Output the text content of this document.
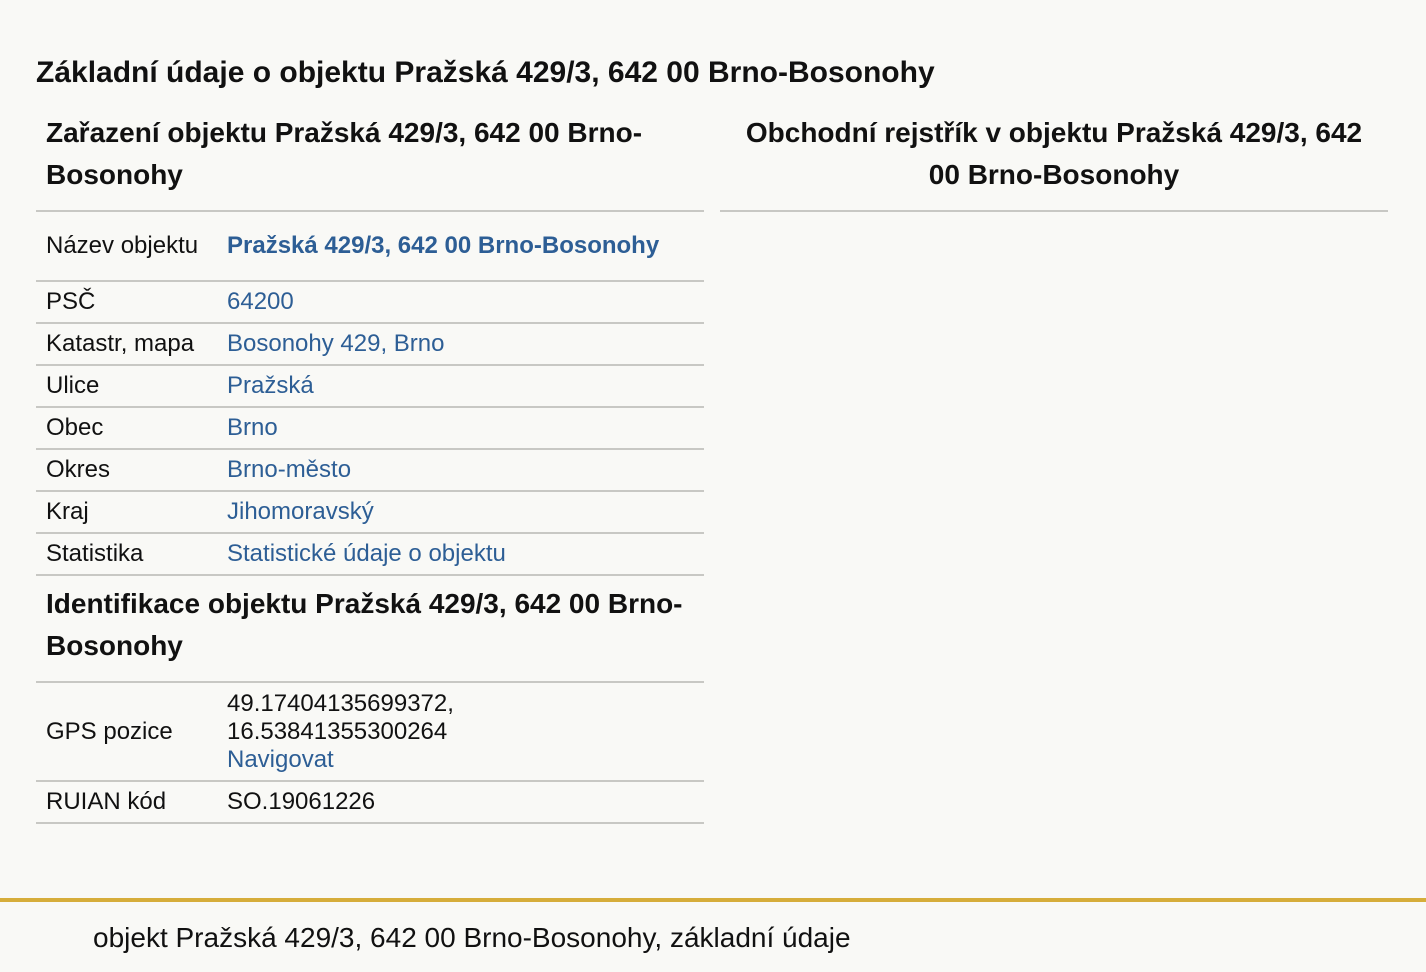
Základní údaje o objektu Pražská 429/3, 642 00 Brno-Bosonohy
Zařazení objektu Pražská 429/3, 642 00 Brno-Bosonohy
Název objektu	Pražská 429/3, 642 00 Brno-Bosonohy
PSČ	64200
Katastr, mapa	Bosonohy 429, Brno
Ulice	Pražská
Obec	Brno
Okres	Brno-město
Kraj	Jihomoravský
Statistika	Statistické údaje o objektu
Identifikace objektu Pražská 429/3, 642 00 Brno-Bosonohy
GPS pozice	49.17404135699372,
16.53841355300264
Navigovat

RUIAN kód	SO.19061226
Obchodní rejstřík v objektu Pražská 429/3, 642 00 Brno-Bosonohy
objekt Pražská 429/3, 642 00 Brno-Bosonohy, základní údaje
